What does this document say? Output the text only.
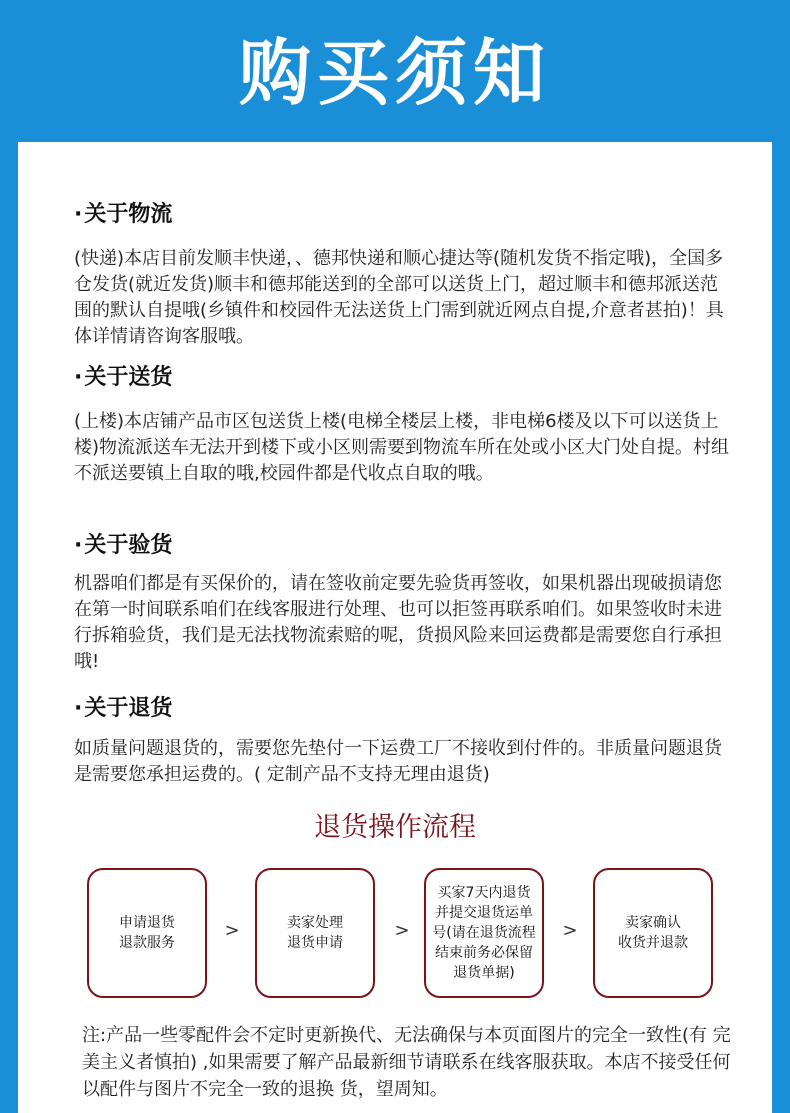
购买须知
·关于物流
(快递)本店目前发顺丰快递，、德邦快递和顺心捷达等(随机发货不指定哦)，全国多仓发货(就近发货)顺丰和德邦能送到的全部可以送货上门，超过顺丰和德邦派送范围的默认自提哦(乡镇件和校园件无法送货上门需到就近网点自提,介意者甚拍)！具体详情请咨询客服哦。
·关于送货
(上楼)本店铺产品市区包送货上楼(电梯全楼层上楼，非电梯6楼及以下可以送货上楼)物流派送车无法开到楼下或小区则需要到物流车所在处或小区大门处自提。村组不派送要镇上自取的哦,校园件都是代收点自取的哦。
·关于验货
机器咱们都是有买保价的，请在签收前定要先验货再签收，如果机器出现破损请您在第一时间联系咱们在线客服进行处理、也可以拒签再联系咱们。如果签收时未进行拆箱验货，我们是无法找物流索赔的呢，货损风险来回运费都是需要您自行承担哦!
·关于退货
如质量问题退货的，需要您先垫付一下运费工厂不接收到付件的。非质量问题退货是需要您承担运费的。( 定制产品不支持无理由退货)
退货操作流程
申请退货
退款服务
>	卖家处理
退货申请
>
买家7天内退货并提交退货运单号(请在退货流程结束前务必保留退货单据)
>	卖家确认
收货并退款
注:产品一些零配件会不定时更新换代、无法确保与本页面图片的完全一致性(有 完美主义者慎拍) ,如果需要了解产品最新细节请联系在线客服获取。本店不接受任何以配件与图片不完全一致的退换 货，望周知。
